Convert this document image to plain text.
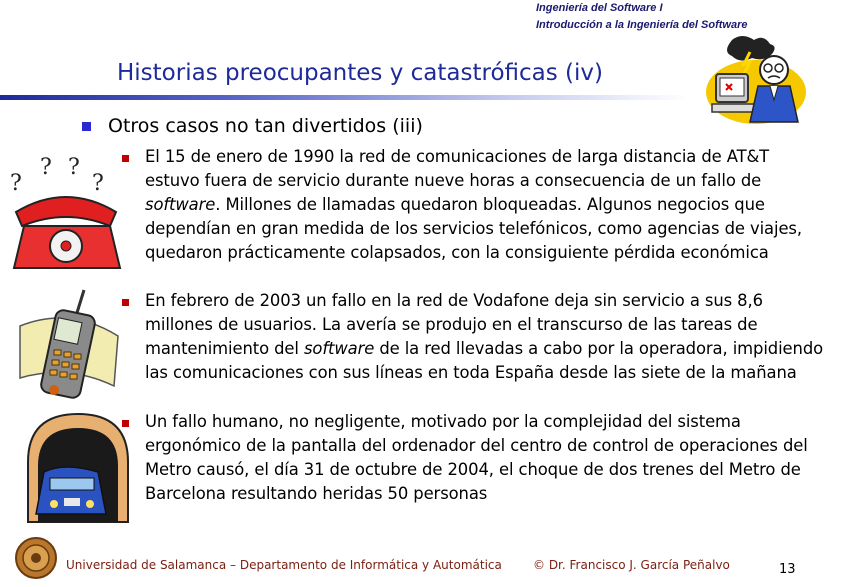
Ingeniería del Software I
Introducción a la Ingeniería del Software
Historias preocupantes y catastróficas (iv)
Otros casos no tan divertidos (iii)
El 15 de enero de 1990 la red de comunicaciones de larga distancia de AT&T estuvo fuera de servicio durante nueve horas a consecuencia de un fallo de software. Millones de llamadas quedaron bloqueadas. Algunos negocios que dependían en gran medida de los servicios telefónicos, como agencias de viajes, quedaron prácticamente colapsados, con la consiguiente pérdida económica
En febrero de 2003 un fallo en la red de Vodafone deja sin servicio a sus 8,6 millones de usuarios. La avería se produjo en el transcurso de las tareas de mantenimiento del software de la red llevadas a cabo por la operadora, impidiendo las comunicaciones con sus líneas en toda España desde las siete de la mañana
Un fallo humano, no negligente, motivado por la complejidad del sistema ergonómico de la pantalla del ordenador del centro de control de operaciones del Metro causó, el día 31 de octubre de 2004, el choque de dos trenes del Metro de Barcelona resultando heridas 50 personas
?
? ?
?
Universidad de Salamanca – Departamento de Informática y Automática	© Dr. Francisco J. García Peñalvo	13
